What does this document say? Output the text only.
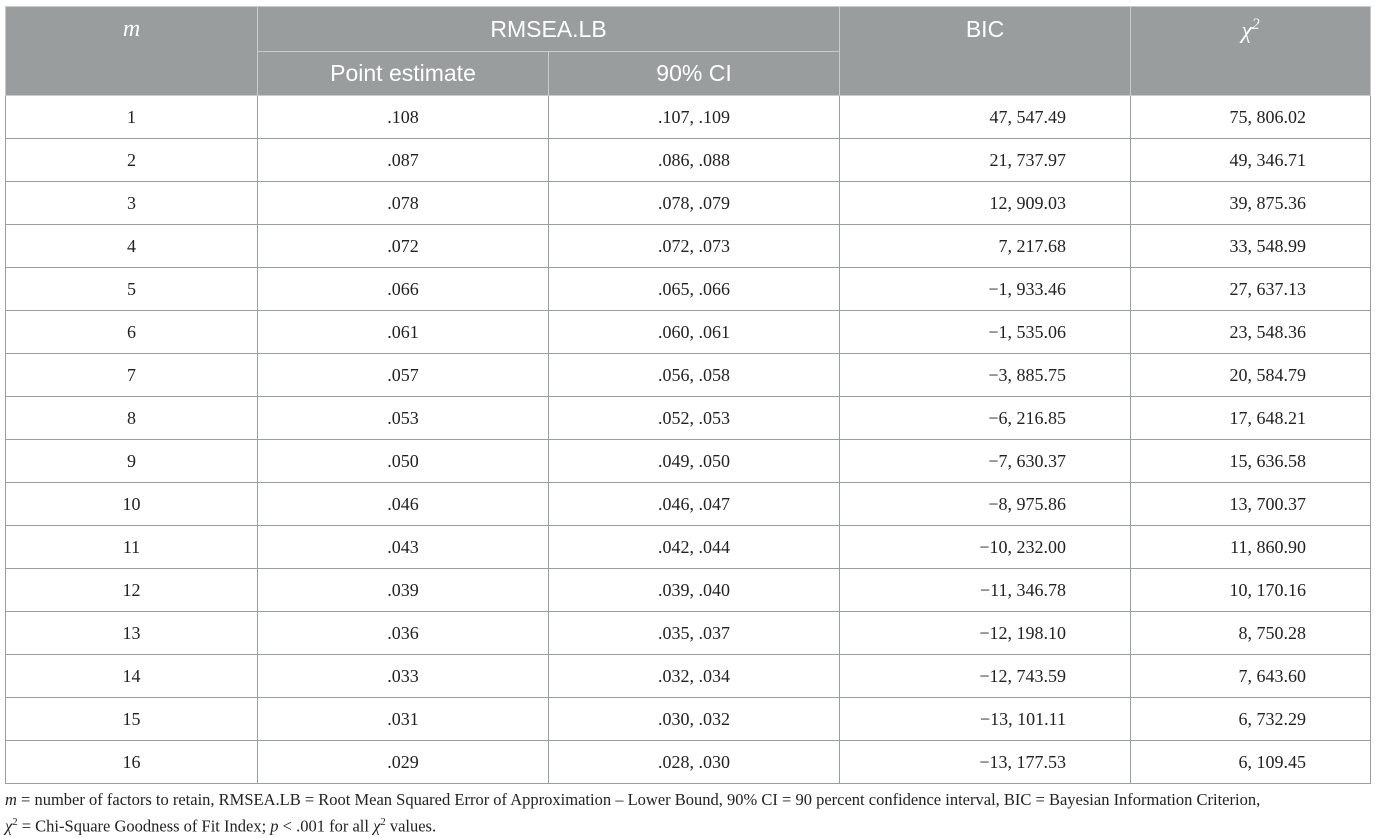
m	RMSEA.LB		BIC	$\chi^2$
	Point estimate	90% CI		
1	.108	.107, .109	47, 547.49	75, 806.02
2	.087	.086, .088	21, 737.97	49, 346.71
3	.078	.078, .079	12, 909.03	39, 875.36
4	.072	.072, .073	7, 217.68	33, 548.99
5	.066	.065, .066	−1, 933.46	27, 637.13
6	.061	.060, .061	−1, 535.06	23, 548.36
7	.057	.056, .058	−3, 885.75	20, 584.79
8	.053	.052, .053	−6, 216.85	17, 648.21
9	.050	.049, .050	−7, 630.37	15, 636.58
10	.046	.046, .047	−8, 975.86	13, 700.37
11	.043	.042, .044	−10, 232.00	11, 860.90
12	.039	.039, .040	−11, 346.78	10, 170.16
13	.036	.035, .037	−12, 198.10	8, 750.28
14	.033	.032, .034	−12, 743.59	7, 643.60
15	.031	.030, .032	−13, 101.11	6, 732.29
16	.029	.028, .030	−13, 177.53	6, 109.45
m = number of factors to retain, RMSEA.LB = Root Mean Squared Error of Approximation – Lower Bound, 90% CI = 90 percent confidence interval, BIC = Bayesian Information Criterion,
$\chi^2$ = Chi-Square Goodness of Fit Index; p < .001 for all $\chi^2$ values.
